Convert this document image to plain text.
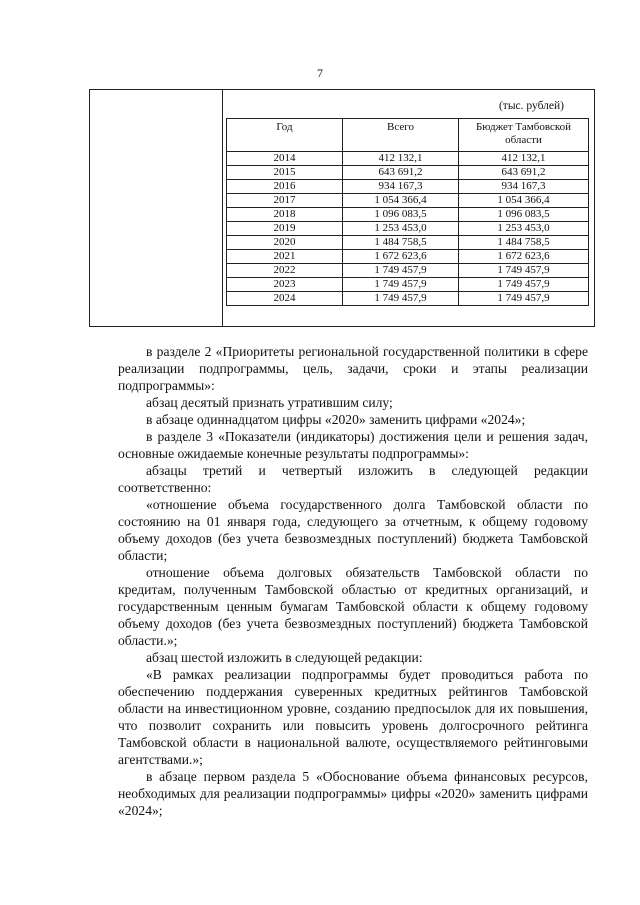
7
(тыс. рублей)
Год	Всего	Бюджет Тамбовской области
2014	412 132,1	412 132,1
2015	643 691,2	643 691,2
2016	934 167,3	934 167,3
2017	1 054 366,4	1 054 366,4
2018	1 096 083,5	1 096 083,5
2019	1 253 453,0	1 253 453,0
2020	1 484 758,5	1 484 758,5
2021	1 672 623,6	1 672 623,6
2022	1 749 457,9	1 749 457,9
2023	1 749 457,9	1 749 457,9
2024	1 749 457,9	1 749 457,9

в разделе 2 «Приоритеты региональной государственной политики в сфере реализации подпрограммы, цель, задачи, сроки и этапы реализации подпрограммы»:

абзац десятый признать утратившим силу;

в абзаце одиннадцатом цифры «2020» заменить цифрами «2024»;

в разделе 3 «Показатели (индикаторы) достижения цели и решения задач, основные ожидаемые конечные результаты подпрограммы»:

абзацы третий и четвертый изложить в следующей редакции соответственно:

«отношение объема государственного долга Тамбовской области по состоянию на 01 января года, следующего за отчетным, к общему годовому объему доходов (без учета безвозмездных поступлений) бюджета Тамбовской области;

отношение объема долговых обязательств Тамбовской области по кредитам, полученным Тамбовской областью от кредитных организаций, и государственным ценным бумагам Тамбовской области к общему годовому объему доходов (без учета безвозмездных поступлений) бюджета Тамбовской области.»;

абзац шестой изложить в следующей редакции:

«В рамках реализации подпрограммы будет проводиться работа по обеспечению поддержания суверенных кредитных рейтингов Тамбовской области на инвестиционном уровне, созданию предпосылок для их повышения, что позволит сохранить или повысить уровень долгосрочного рейтинга Тамбовской области в национальной валюте, осуществляемого рейтинговыми агентствами.»;

в абзаце первом раздела 5 «Обоснование объема финансовых ресурсов, необходимых для реализации подпрограммы» цифры «2020» заменить цифрами «2024»;
